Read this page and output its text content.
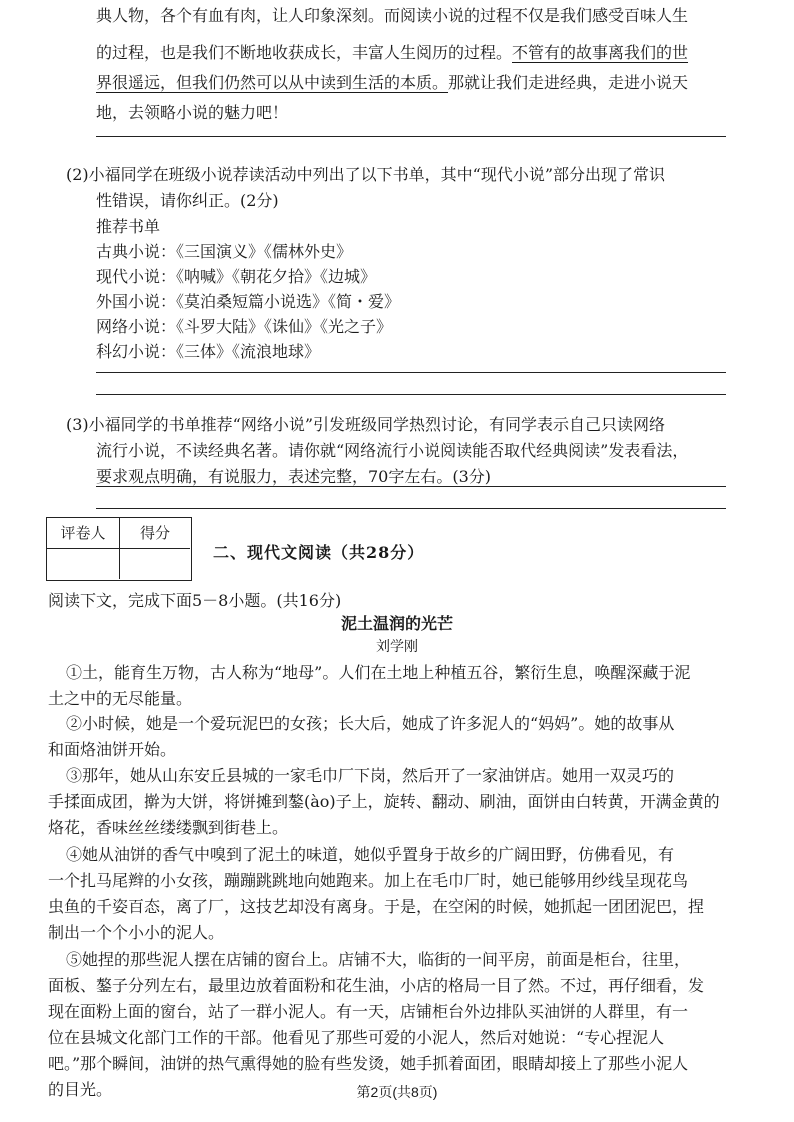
典人物，各个有血有肉，让人印象深刻。而阅读小说的过程不仅是我们感受百味人生
的过程，也是我们不断地收获成长，丰富人生阅历的过程。不管有的故事离我们的世
界很遥远，但我们仍然可以从中读到生活的本质。那就让我们走进经典，走进小说天
地，去领略小说的魅力吧！
(2)小福同学在班级小说荐读活动中列出了以下书单，其中“现代小说”部分出现了常识
性错误，请你纠正。(2分)
推荐书单
古典小说：《三国演义》《儒林外史》
现代小说：《呐喊》《朝花夕拾》《边城》
外国小说：《莫泊桑短篇小说选》《简・爱》
网络小说：《斗罗大陆》《诛仙》《光之子》
科幻小说：《三体》《流浪地球》
(3)小福同学的书单推荐“网络小说”引发班级同学热烈讨论，有同学表示自己只读网络
流行小说，不读经典名著。请你就“网络流行小说阅读能否取代经典阅读”发表看法，
要求观点明确，有说服力，表述完整，70字左右。(3分)
评卷人	得分
二、现代文阅读（共28分）
阅读下文，完成下面5－8小题。(共16分)
泥土温润的光芒
刘学刚
①土，能育生万物，古人称为“地母”。人们在土地上种植五谷，繁衍生息，唤醒深藏于泥
土之中的无尽能量。
②小时候，她是一个爱玩泥巴的女孩；长大后，她成了许多泥人的“妈妈”。她的故事从
和面烙油饼开始。
③那年，她从山东安丘县城的一家毛巾厂下岗，然后开了一家油饼店。她用一双灵巧的
手揉面成团，擀为大饼，将饼摊到鏊(ào)子上，旋转、翻动、刷油，面饼由白转黄，开满金黄的
烙花，香味丝丝缕缕飘到街巷上。
④她从油饼的香气中嗅到了泥土的味道，她似乎置身于故乡的广阔田野，仿佛看见，有
一个扎马尾辫的小女孩，蹦蹦跳跳地向她跑来。加上在毛巾厂时，她已能够用纱线呈现花鸟
虫鱼的千姿百态，离了厂，这技艺却没有离身。于是，在空闲的时候，她抓起一团团泥巴，捏
制出一个个小小的泥人。
⑤她捏的那些泥人摆在店铺的窗台上。店铺不大，临街的一间平房，前面是柜台，往里，
面板、鏊子分列左右，最里边放着面粉和花生油，小店的格局一目了然。不过，再仔细看，发
现在面粉上面的窗台，站了一群小泥人。有一天，店铺柜台外边排队买油饼的人群里，有一
位在县城文化部门工作的干部。他看见了那些可爱的小泥人，然后对她说：“专心捏泥人
吧。”那个瞬间，油饼的热气熏得她的脸有些发烫，她手抓着面团，眼睛却接上了那些小泥人
的目光。	第2页(共8页)
